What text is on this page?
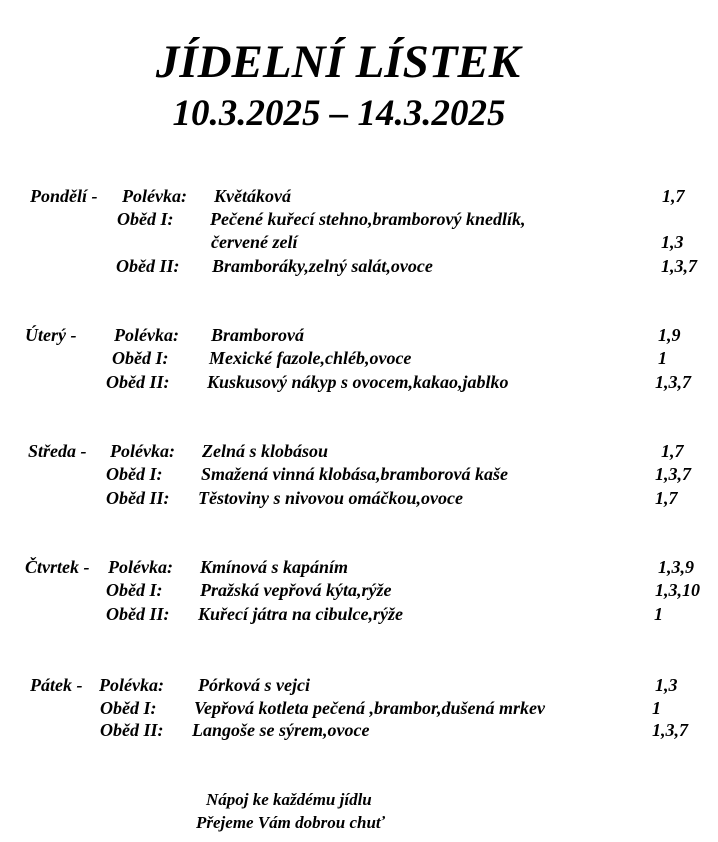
JÍDELNÍ LÍSTEK
10.3.2025 – 14.3.2025
Pondělí - Polévka: Květáková	1,7
Oběd I: Pečené kuřecí stehno,bramborový knedlík,
červené zelí	1,3
Oběd II: Bramboráky,zelný salát,ovoce	1,3,7
Úterý - Polévka: Bramborová	1,9
Oběd I: Mexické fazole,chléb,ovoce	1
Oběd II: Kuskusový nákyp s ovocem,kakao,jablko	1,3,7
Středa - Polévka: Zelná s klobásou	1,7
Oběd I: Smažená vinná klobása,bramborová kaše	1,3,7
Oběd II: Těstoviny s nivovou omáčkou,ovoce	1,7
Čtvrtek - Polévka: Kmínová s kapáním	1,3,9
Oběd I: Pražská vepřová kýta,rýže	1,3,10
Oběd II: Kuřecí játra na cibulce,rýže	1
Pátek - Polévka: Pórková s vejci	1,3
Oběd I: Vepřová kotleta pečená ,brambor,dušená mrkev	1
Oběd II: Langoše se sýrem,ovoce	1,3,7
Nápoj ke každému jídlu
Přejeme Vám dobrou chuť
